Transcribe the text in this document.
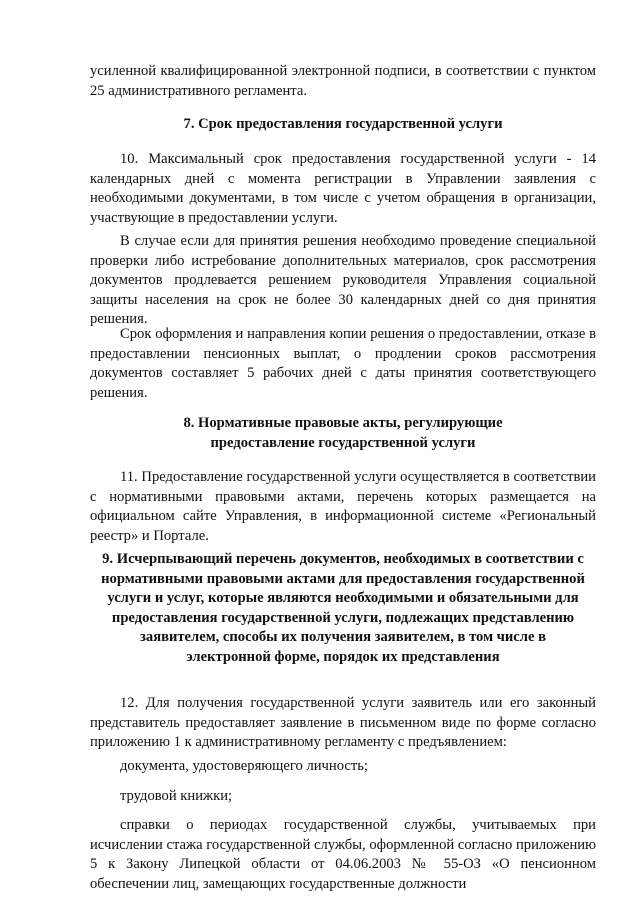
усиленной квалифицированной электронной подписи, в соответствии с пунктом 25 административного регламента.

7. Срок предоставления государственной услуги

10. Максимальный срок предоставления государственной услуги - 14 календарных дней с момента регистрации в Управлении заявления с необходимыми документами, в том числе с учетом обращения в организации, участвующие в предоставлении услуги.

В случае если для принятия решения необходимо проведение специальной проверки либо истребование дополнительных материалов, срок рассмотрения документов продлевается решением руководителя Управления социальной защиты населения на срок не более 30 календарных дней со дня принятия решения.

Срок оформления и направления копии решения о предоставлении, отказе в предоставлении пенсионных выплат, о продлении сроков рассмотрения документов составляет 5 рабочих дней с даты принятия соответствующего решения.

8. Нормативные правовые акты, регулирующие предоставление государственной услуги

11. Предоставление государственной услуги осуществляется в соответствии с нормативными правовыми актами, перечень которых размещается на официальном сайте Управления, в информационной системе «Региональный реестр» и Портале.

9. Исчерпывающий перечень документов, необходимых в соответствии с нормативными правовыми актами для предоставления государственной услуги и услуг, которые являются необходимыми и обязательными для предоставления государственной услуги, подлежащих представлению заявителем, способы их получения заявителем, в том числе в электронной форме, порядок их представления

12. Для получения государственной услуги заявитель или его законный представитель предоставляет заявление в письменном виде по форме согласно приложению 1 к административному регламенту с предъявлением:

документа, удостоверяющего личность;

трудовой книжки;

справки о периодах государственной службы, учитываемых при исчислении стажа государственной службы, оформленной согласно приложению 5 к Закону Липецкой области от 04.06.2003 № 55-ОЗ «О пенсионном обеспечении лиц, замещающих государственные должности
